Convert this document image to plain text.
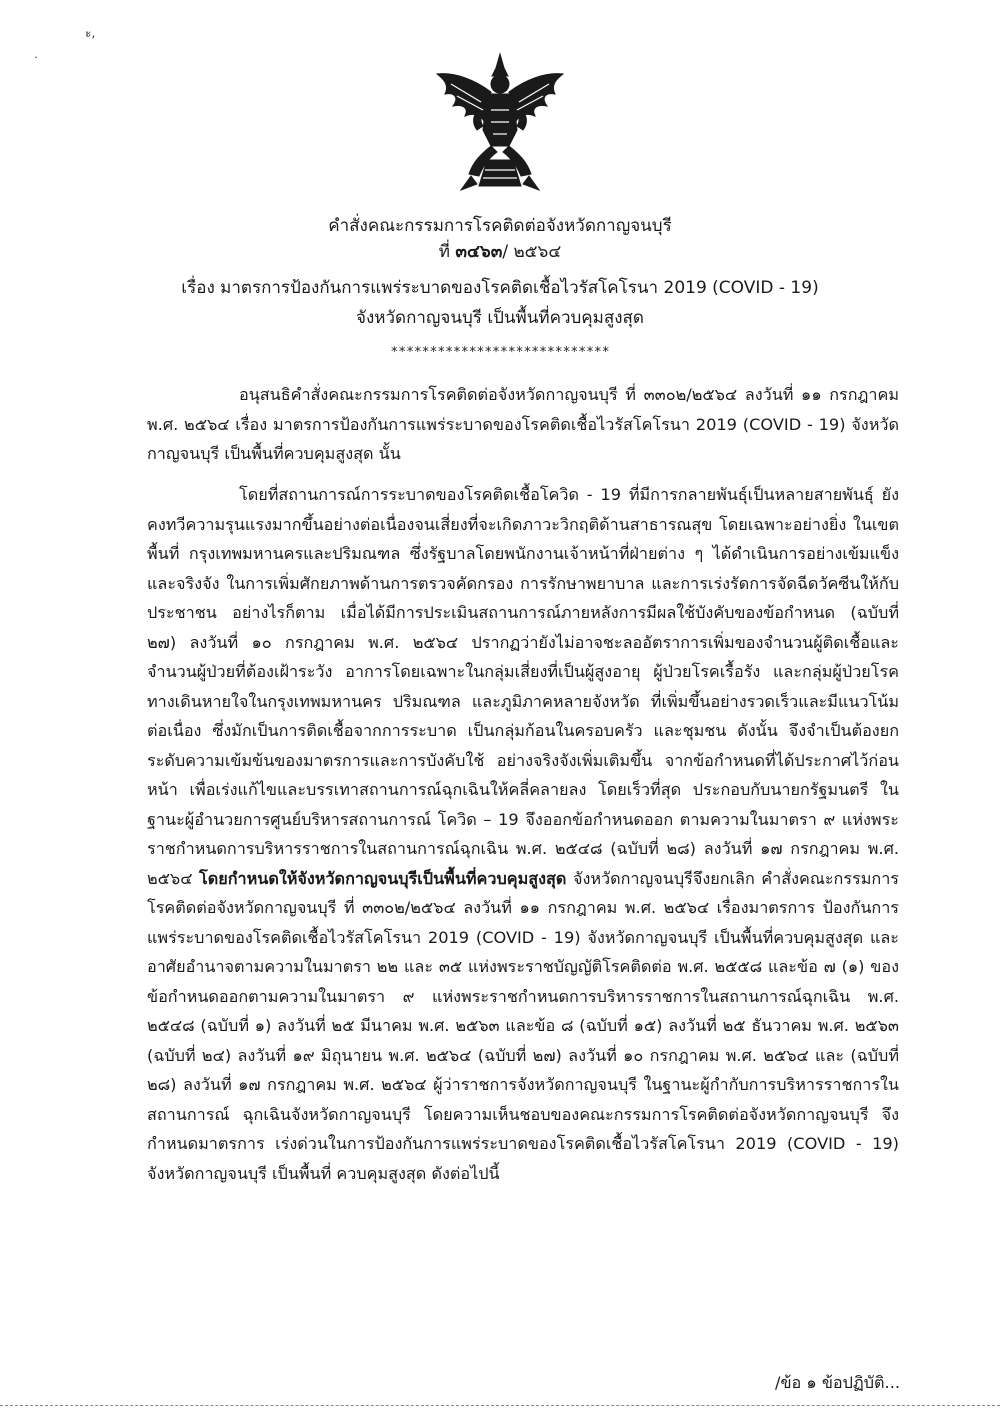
ะ,
˙
คำสั่งคณะกรรมการโรคติดต่อจังหวัดกาญจนบุรี
ที่ ๓๔๖๓/ ๒๕๖๔
เรื่อง มาตรการป้องกันการแพร่ระบาดของโรคติดเชื้อไวรัสโคโรนา 2019 (COVID - 19)
จังหวัดกาญจนบุรี เป็นพื้นที่ควบคุมสูงสุด
****************************
อนุสนธิคำสั่งคณะกรรมการโรคติดต่อจังหวัดกาญจนบุรี ที่ ๓๓๐๒/๒๕๖๔ ลงวันที่ ๑๑ กรกฎาคม พ.ศ. ๒๕๖๔ เรื่อง มาตรการป้องกันการแพร่ระบาดของโรคติดเชื้อไวรัสโคโรนา 2019 (COVID - 19) จังหวัดกาญจนบุรี เป็นพื้นที่ควบคุมสูงสุด นั้น
โดยที่สถานการณ์การระบาดของโรคติดเชื้อโควิด - 19 ที่มีการกลายพันธุ์เป็นหลายสายพันธุ์ ยังคงทวีความรุนแรงมากขึ้นอย่างต่อเนื่องจนเสี่ยงที่จะเกิดภาวะวิกฤติด้านสาธารณสุข โดยเฉพาะอย่างยิ่ง ในเขตพื้นที่ กรุงเทพมหานครและปริมณฑล ซึ่งรัฐบาลโดยพนักงานเจ้าหน้าที่ฝ่ายต่าง ๆ ได้ดำเนินการอย่างเข้มแข็งและจริงจัง ในการเพิ่มศักยภาพด้านการตรวจคัดกรอง การรักษาพยาบาล และการเร่งรัดการจัดฉีดวัคซีนให้กับประชาชน อย่างไรก็ตาม เมื่อได้มีการประเมินสถานการณ์ภายหลังการมีผลใช้บังคับของข้อกำหนด (ฉบับที่ ๒๗) ลงวันที่ ๑๐ กรกฎาคม พ.ศ. ๒๕๖๔ ปรากฏว่ายังไม่อาจชะลออัตราการเพิ่มของจำนวนผู้ติดเชื้อและจำนวนผู้ป่วยที่ต้องเฝ้าระวัง อาการโดยเฉพาะในกลุ่มเสี่ยงที่เป็นผู้สูงอายุ ผู้ป่วยโรคเรื้อรัง และกลุ่มผู้ป่วยโรคทางเดินหายใจในกรุงเทพมหานคร ปริมณฑล และภูมิภาคหลายจังหวัด ที่เพิ่มขึ้นอย่างรวดเร็วและมีแนวโน้มต่อเนื่อง ซึ่งมักเป็นการติดเชื้อจากการระบาด เป็นกลุ่มก้อนในครอบครัว และชุมชน ดังนั้น จึงจำเป็นต้องยกระดับความเข้มข้นของมาตรการและการบังคับใช้ อย่างจริงจังเพิ่มเติมขึ้น จากข้อกำหนดที่ได้ประกาศไว้ก่อนหน้า เพื่อเร่งแก้ไขและบรรเทาสถานการณ์ฉุกเฉินให้คลี่คลายลง โดยเร็วที่สุด ประกอบกับนายกรัฐมนตรี ในฐานะผู้อำนวยการศูนย์บริหารสถานการณ์ โควิด – 19 จึงออกข้อกำหนดออก ตามความในมาตรา ๙ แห่งพระราชกำหนดการบริหารราชการในสถานการณ์ฉุกเฉิน พ.ศ. ๒๕๔๘ (ฉบับที่ ๒๘) ลงวันที่ ๑๗ กรกฎาคม พ.ศ. ๒๕๖๔ โดยกำหนดให้จังหวัดกาญจนบุรีเป็นพื้นที่ควบคุมสูงสุด จังหวัดกาญจนบุรีจึงยกเลิก คำสั่งคณะกรรมการโรคติดต่อจังหวัดกาญจนบุรี ที่ ๓๓๐๒/๒๕๖๔ ลงวันที่ ๑๑ กรกฎาคม พ.ศ. ๒๕๖๔ เรื่องมาตรการ ป้องกันการแพร่ระบาดของโรคติดเชื้อไวรัสโคโรนา 2019 (COVID - 19) จังหวัดกาญจนบุรี เป็นพื้นที่ควบคุมสูงสุด และอาศัยอำนาจตามความในมาตรา ๒๒ และ ๓๕ แห่งพระราชบัญญัติโรคติดต่อ พ.ศ. ๒๕๕๘ และข้อ ๗ (๑) ของข้อกำหนดออกตามความในมาตรา ๙ แห่งพระราชกำหนดการบริหารราชการในสถานการณ์ฉุกเฉิน พ.ศ. ๒๕๔๘ (ฉบับที่ ๑) ลงวันที่ ๒๕ มีนาคม พ.ศ. ๒๕๖๓ และข้อ ๘ (ฉบับที่ ๑๕) ลงวันที่ ๒๕ ธันวาคม พ.ศ. ๒๕๖๓ (ฉบับที่ ๒๔) ลงวันที่ ๑๙ มิถุนายน พ.ศ. ๒๕๖๔ (ฉบับที่ ๒๗) ลงวันที่ ๑๐ กรกฎาคม พ.ศ. ๒๕๖๔ และ (ฉบับที่ ๒๘) ลงวันที่ ๑๗ กรกฎาคม พ.ศ. ๒๕๖๔ ผู้ว่าราชการจังหวัดกาญจนบุรี ในฐานะผู้กำกับการบริหารราชการในสถานการณ์ ฉุกเฉินจังหวัดกาญจนบุรี โดยความเห็นชอบของคณะกรรมการโรคติดต่อจังหวัดกาญจนบุรี จึงกำหนดมาตรการ เร่งด่วนในการป้องกันการแพร่ระบาดของโรคติดเชื้อไวรัสโคโรนา 2019 (COVID - 19) จังหวัดกาญจนบุรี เป็นพื้นที่ ควบคุมสูงสุด ดังต่อไปนี้
/ข้อ ๑ ข้อปฏิบัติ...
